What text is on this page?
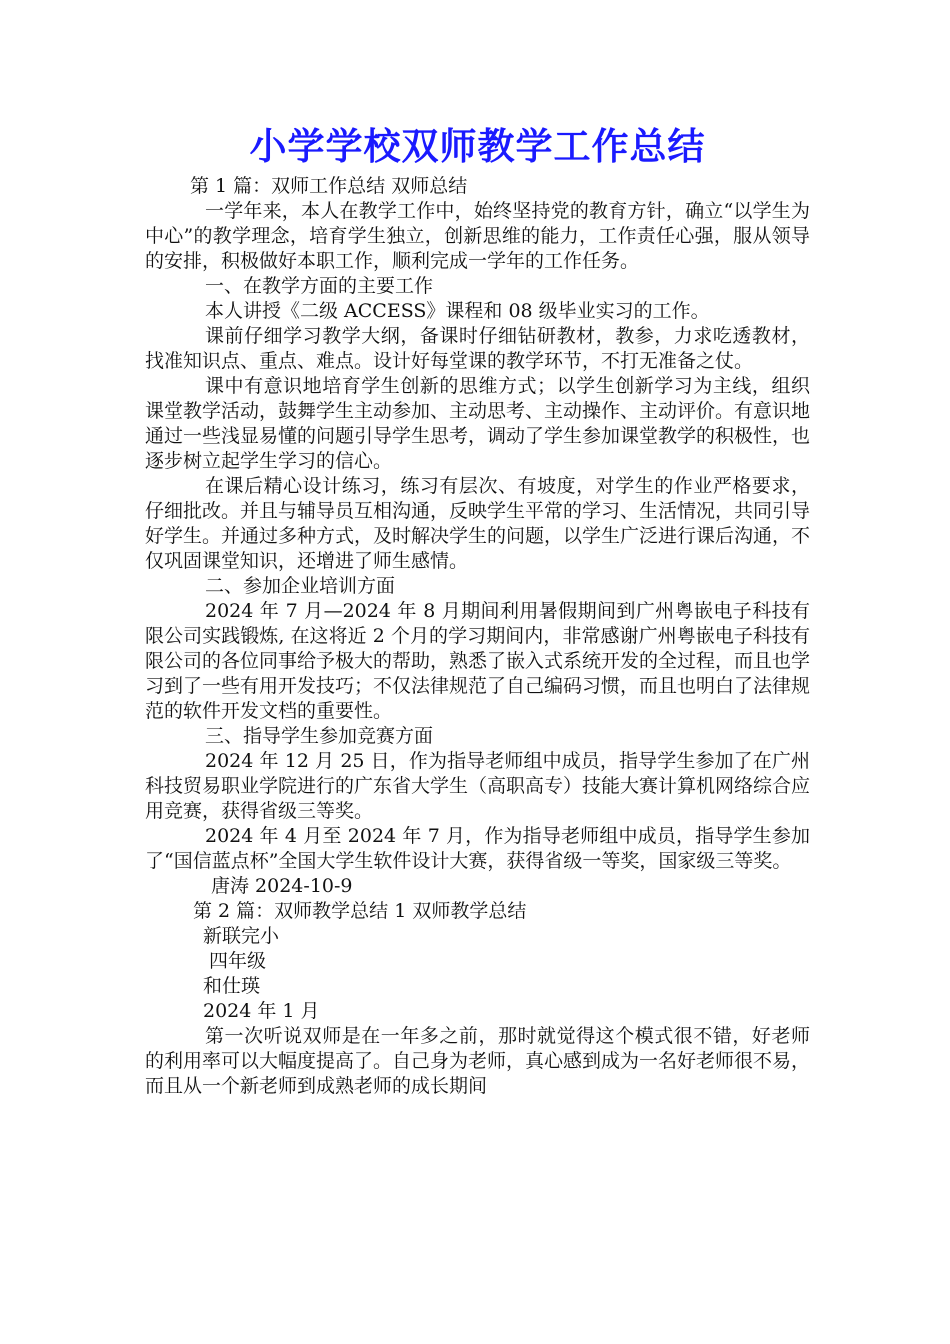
小学学校双师教学工作总结

第 1 篇：双师工作总结 双师总结

一学年来，本人在教学工作中，始终坚持党的教育方针，确立“以学生为中心”的教学理念，培育学生独立，创新思维的能力，工作责任心强，服从领导的安排，积极做好本职工作，顺利完成一学年的工作任务。

一、在教学方面的主要工作

本人讲授《二级 ACCESS》课程和 08 级毕业实习的工作。

课前仔细学习教学大纲，备课时仔细钻研教材，教参，力求吃透教材，找准知识点、重点、难点。设计好每堂课的教学环节，不打无准备之仗。

课中有意识地培育学生创新的思维方式；以学生创新学习为主线，组织课堂教学活动，鼓舞学生主动参加、主动思考、主动操作、主动评价。有意识地通过一些浅显易懂的问题引导学生思考，调动了学生参加课堂教学的积极性，也逐步树立起学生学习的信心。

在课后精心设计练习，练习有层次、有坡度，对学生的作业严格要求，仔细批改。并且与辅导员互相沟通，反映学生平常的学习、生活情况，共同引导好学生。并通过多种方式，及时解决学生的问题，以学生广泛进行课后沟通，不仅巩固课堂知识，还增进了师生感情。

二、参加企业培训方面

2024 年 7 月—2024 年 8 月期间利用暑假期间到广州粤嵌电子科技有限公司实践锻炼, 在这将近 2 个月的学习期间内，非常感谢广州粤嵌电子科技有限公司的各位同事给予极大的帮助，熟悉了嵌入式系统开发的全过程，而且也学习到了一些有用开发技巧；不仅法律规范了自己编码习惯，而且也明白了法律规范的软件开发文档的重要性。

三、指导学生参加竞赛方面

2024 年 12 月 25 日，作为指导老师组中成员，指导学生参加了在广州科技贸易职业学院进行的广东省大学生（高职高专）技能大赛计算机网络综合应用竞赛，获得省级三等奖。

2024 年 4 月至 2024 年 7 月，作为指导老师组中成员，指导学生参加了“国信蓝点杯”全国大学生软件设计大赛，获得省级一等奖，国家级三等奖。

唐涛 2024-10-9

第 2 篇：双师教学总结 1 双师教学总结

新联完小

四年级

和仕瑛

2024 年 1 月

第一次听说双师是在一年多之前，那时就觉得这个模式很不错，好老师的利用率可以大幅度提高了。自己身为老师，真心感到成为一名好老师很不易，而且从一个新老师到成熟老师的成长期间
